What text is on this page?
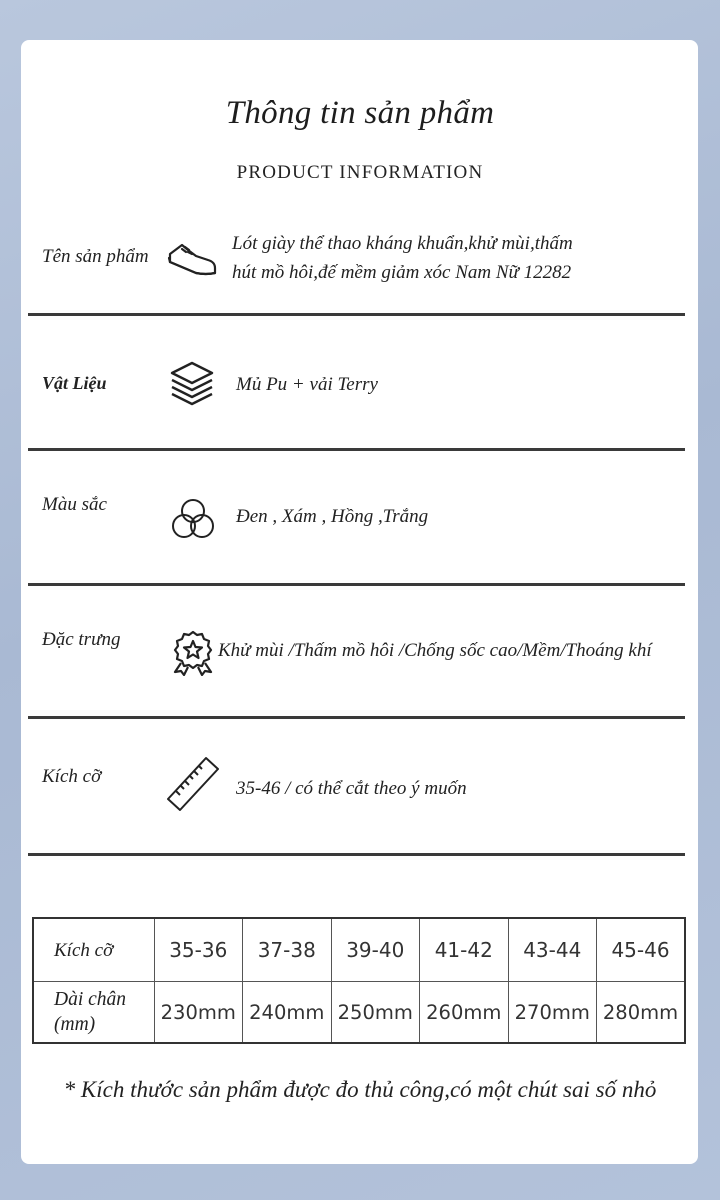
Thông tin sản phẩm
PRODUCT INFORMATION
Tên sản phẩm
Lót giày thể thao kháng khuẩn,khử mùi,thấm
hút mồ hôi,đế mềm giảm xóc Nam Nữ 12282
Vật Liệu	Mủ Pu + vải Terry
Màu sắc
Đen , Xám , Hồng ,Trắng
Đặc trưng
Khử mùi /Thấm mồ hôi /Chống sốc cao/Mềm/Thoáng khí
Kích cỡ
35-46 / có thể cắt theo ý muốn
Kích cỡ	35-36	37-38	39-40	41-42	43-44	45-46

Dài chân
(mm)	230mm	240mm	250mm	260mm	270mm	280mm
* Kích thước sản phẩm được đo thủ công,có một chút sai số nhỏ
